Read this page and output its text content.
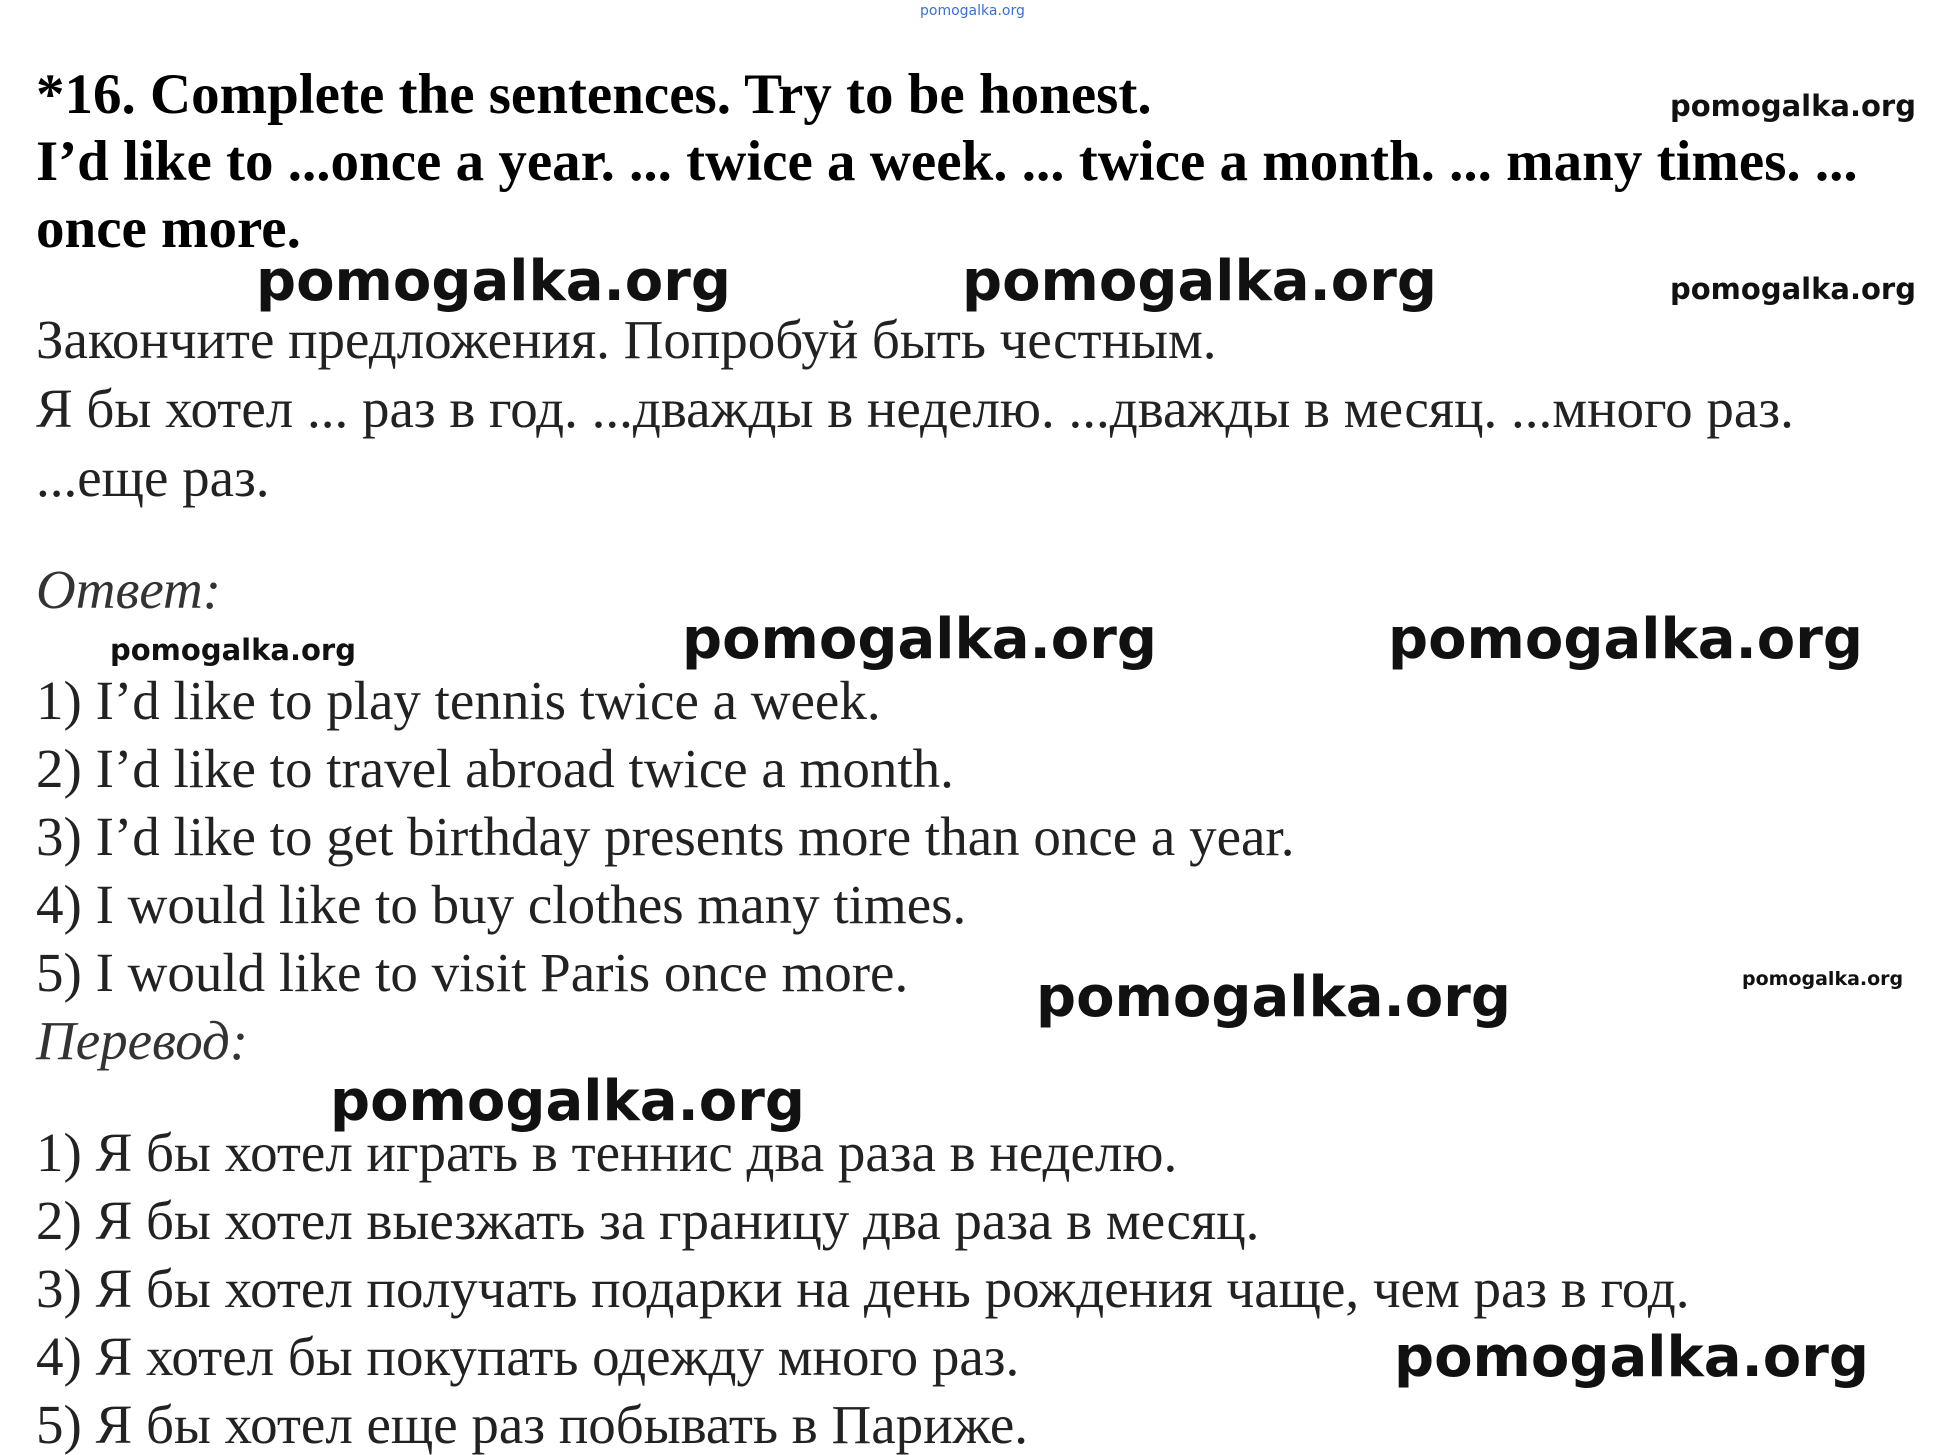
pomogalka.org
*16. Complete the sentences. Try to be honest.
I’d like to ...once a year. ... twice a week. ... twice a month. ... many times. ...
once more.
Закончите предложения. Попробуй быть честным.
Я бы хотел ... раз в год. ...дважды в неделю. ...дважды в месяц. ...много раз.
...еще раз.
Ответ:
1) I’d like to play tennis twice a week.
2) I’d like to travel abroad twice a month.
3) I’d like to get birthday presents more than once a year.
4) I would like to buy clothes many times.
5) I would like to visit Paris once more.
Перевод:
1) Я бы хотел играть в теннис два раза в неделю.
2) Я бы хотел выезжать за границу два раза в месяц.
3) Я бы хотел получать подарки на день рождения чаще, чем раз в год.
4) Я хотел бы покупать одежду много раз.
5) Я бы хотел еще раз побывать в Париже.
pomogalka.org
pomogalka.org	pomogalka.org	pomogalka.org
pomogalka.org	pomogalka.org	pomogalka.org
pomogalka.org
pomogalka.org
pomogalka.org
pomogalka.org
